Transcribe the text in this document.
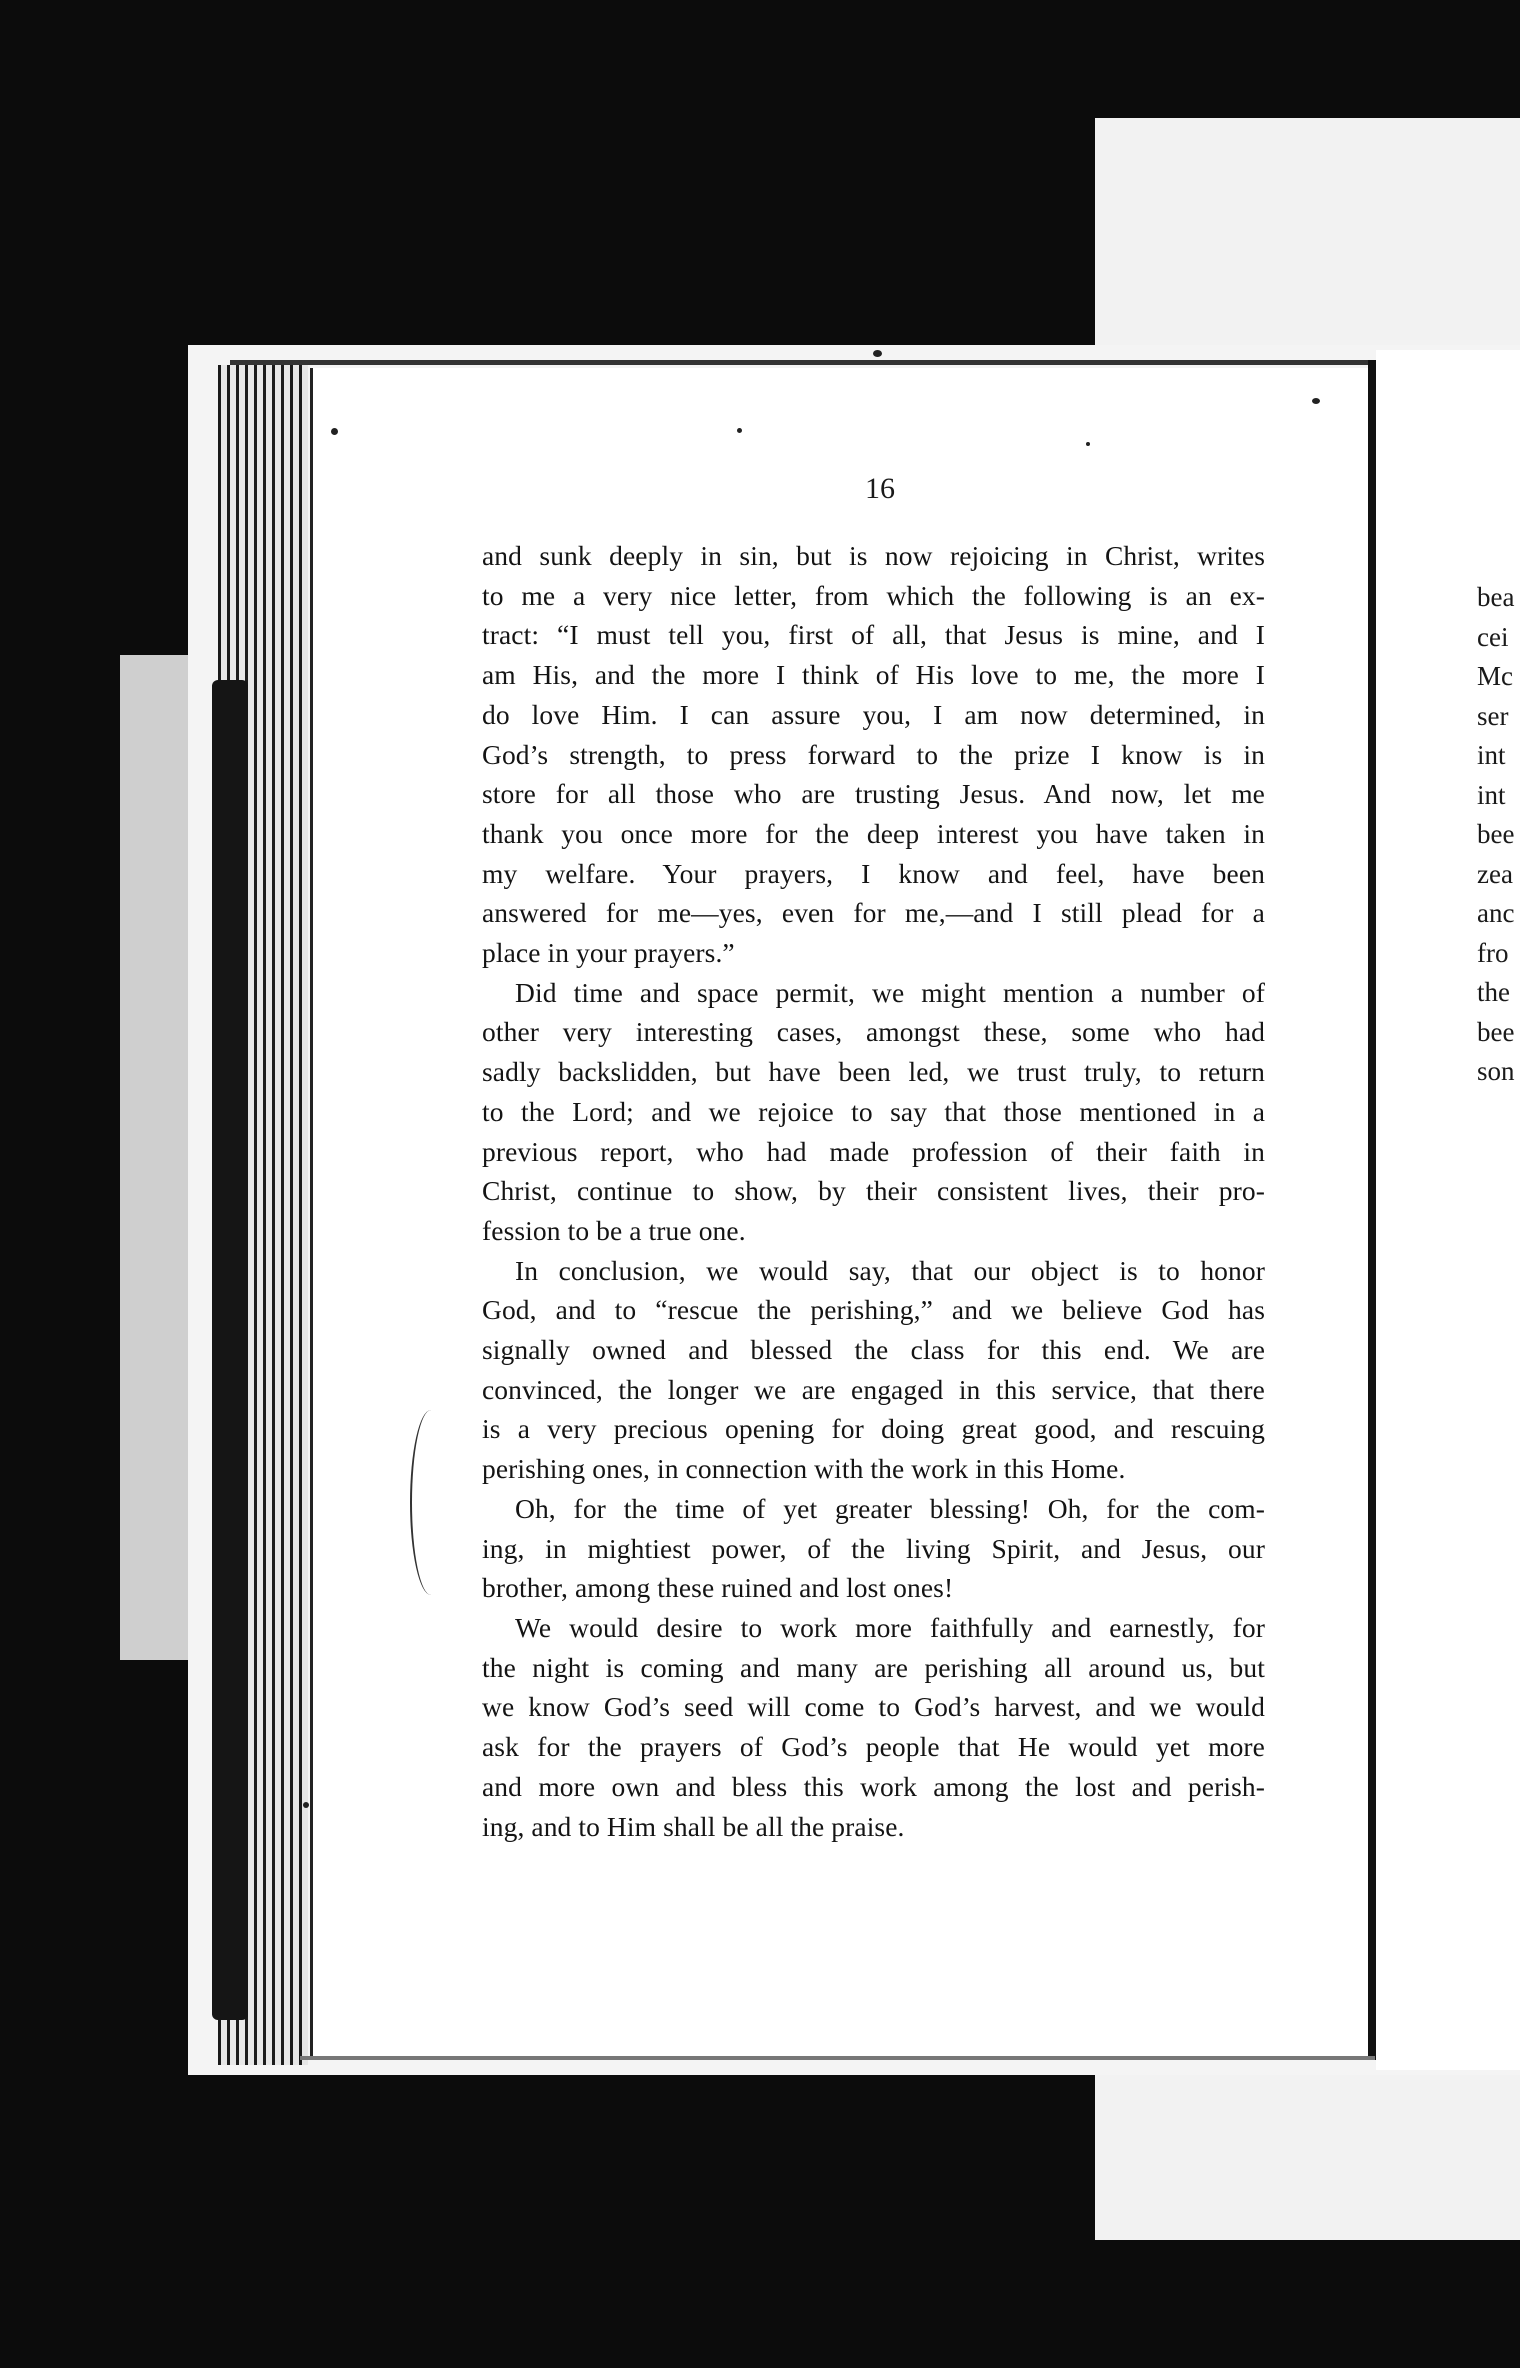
bea
cei
Mc
ser
int
int
bee
zea
anc
fro
the
bee
son
16
and sunk deeply in sin, but is now rejoicing in Christ, writes
to me a very nice letter, from which the following is an ex-
tract: “I must tell you, first of all, that Jesus is mine, and I
am His, and the more I think of His love to me, the more I
do love Him. I can assure you, I am now determined, in
God’s strength, to press forward to the prize I know is in
store for all those who are trusting Jesus. And now, let me
thank you once more for the deep interest you have taken in
my welfare. Your prayers, I know and feel, have been
answered for me—yes, even for me,—and I still plead for a
place in your prayers.”
Did time and space permit, we might mention a number of
other very interesting cases, amongst these, some who had
sadly backslidden, but have been led, we trust truly, to return
to the Lord; and we rejoice to say that those mentioned in a
previous report, who had made profession of their faith in
Christ, continue to show, by their consistent lives, their pro-
fession to be a true one.
In conclusion, we would say, that our object is to honor
God, and to “rescue the perishing,” and we believe God has
signally owned and blessed the class for this end. We are
convinced, the longer we are engaged in this service, that there
is a very precious opening for doing great good, and rescuing
perishing ones, in connection with the work in this Home.
Oh, for the time of yet greater blessing! Oh, for the com-
ing, in mightiest power, of the living Spirit, and Jesus, our
brother, among these ruined and lost ones!
We would desire to work more faithfully and earnestly, for
the night is coming and many are perishing all around us, but
we know God’s seed will come to God’s harvest, and we would
ask for the prayers of God’s people that He would yet more
and more own and bless this work among the lost and perish-
ing, and to Him shall be all the praise.
